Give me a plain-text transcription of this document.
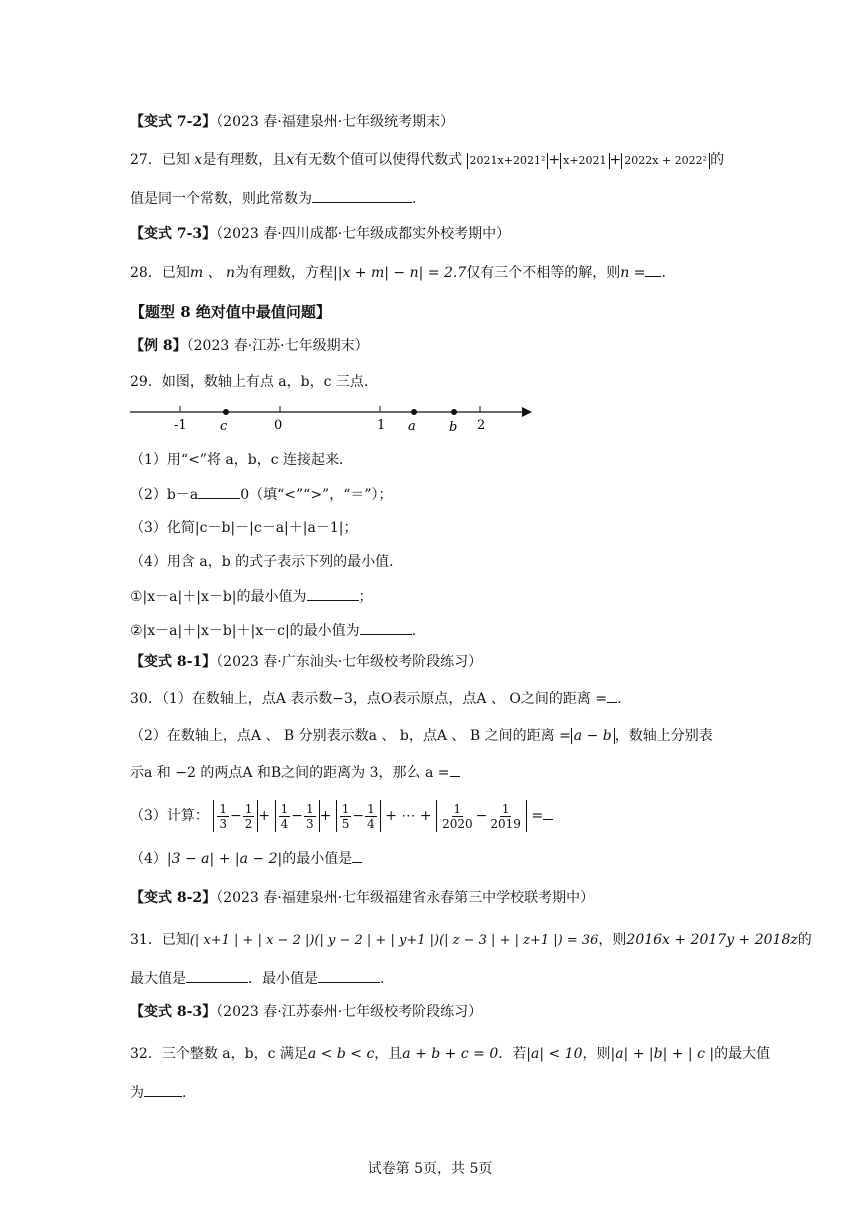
【变式 7-2】（2023 春·福建泉州·七年级统考期末）
27．已知 x是有理数，且x有无数个值可以使得代数式 2021x+2021² + x+2021 + 2022x + 2022² 的
值是同一个常数，则此常数为	.
【变式 7-3】（2023 春·四川成都·七年级成都实外校考期中）
28．已知m 、 n为有理数，方程||x + m| − n| = 2.7仅有三个不相等的解，则n = .
【题型 8 绝对值中最值问题】
【例 8】（2023 春·江苏·七年级期末）
29．如图，数轴上有点 a，b，c 三点．
-1	0	1	2
c	a	b
（1）用“<”将 a，b，c 连接起来．
（2）b－a	0（填“<”“>”，“＝”）；
（3）化简|c－b|－|c－a|＋|a－1|；
（4）用含 a，b 的式子表示下列的最小值．
①|x－a|＋|x－b|的最小值为	；
②|x－a|＋|x－b|＋|x－c|的最小值为	.
【变式 8-1】（2023 春·广东汕头·七年级校考阶段练习）
30．（1）在数轴上，点A 表示数−3，点O表示原点，点A 、 O之间的距离 = .
（2）在数轴上，点A 、 B 分别表示数a 、 b，点A 、 B 之间的距离 = a − b ，数轴上分别表
示a 和 −2 的两点A 和B之间的距离为 3，那么 a =
（3）计算： $\frac{1}{3} - \frac{1}{2} + \frac{1}{4} - \frac{1}{3} + \frac{1}{5} - \frac{1}{4}$ + ⋯ + $\frac{1}{2020} - \frac{1}{2019}$ =
（4）|3 − a| + |a − 2|的最小值是
【变式 8-2】（2023 春·福建泉州·七年级福建省永春第三中学校联考期中）
31．已知(| x+1 | + | x − 2 |)(| y − 2 | + | y+1 |)(| z − 3 | + | z+1 |) = 36，则2016x + 2017y + 2018z的
最大值是	．最小值是	.
【变式 8-3】（2023 春·江苏泰州·七年级校考阶段练习）
32．三个整数 a，b，c 满足a < b < c，且a + b + c = 0．若|a| < 10，则|a| + |b| + | c |的最大值
为	.
试卷第 5页，共 5页
